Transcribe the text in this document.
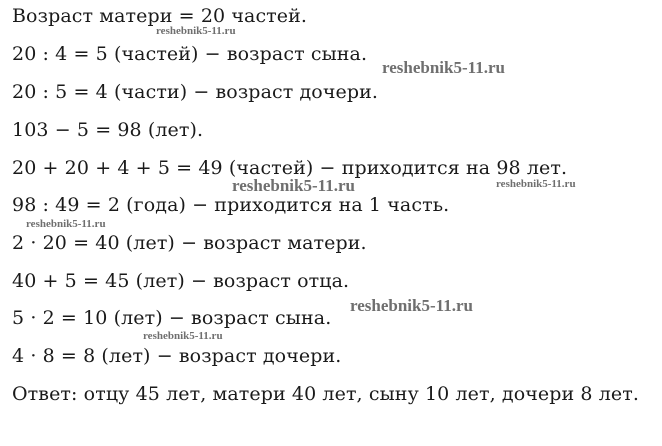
Возраст матери = 20 частей.
20 : 4 = 5 (частей) − возраст сына.
20 : 5 = 4 (части) − возраст дочери.
103 − 5 = 98 (лет).
20 + 20 + 4 + 5 = 49 (частей) − приходится на 98 лет.
98 : 49 = 2 (года) − приходится на 1 часть.
2 · 20 = 40 (лет) − возраст матери.
40 + 5 = 45 (лет) − возраст отца.
5 · 2 = 10 (лет) − возраст сына.
4 · 8 = 8 (лет) − возраст дочери.
Ответ: отцу 45 лет, матери 40 лет, сыну 10 лет, дочери 8 лет.
reshebnik5-11.ru
reshebnik5-11.ru
reshebnik5-11.ru	reshebnik5-11.ru
reshebnik5-11.ru
reshebnik5-11.ru
reshebnik5-11.ru
